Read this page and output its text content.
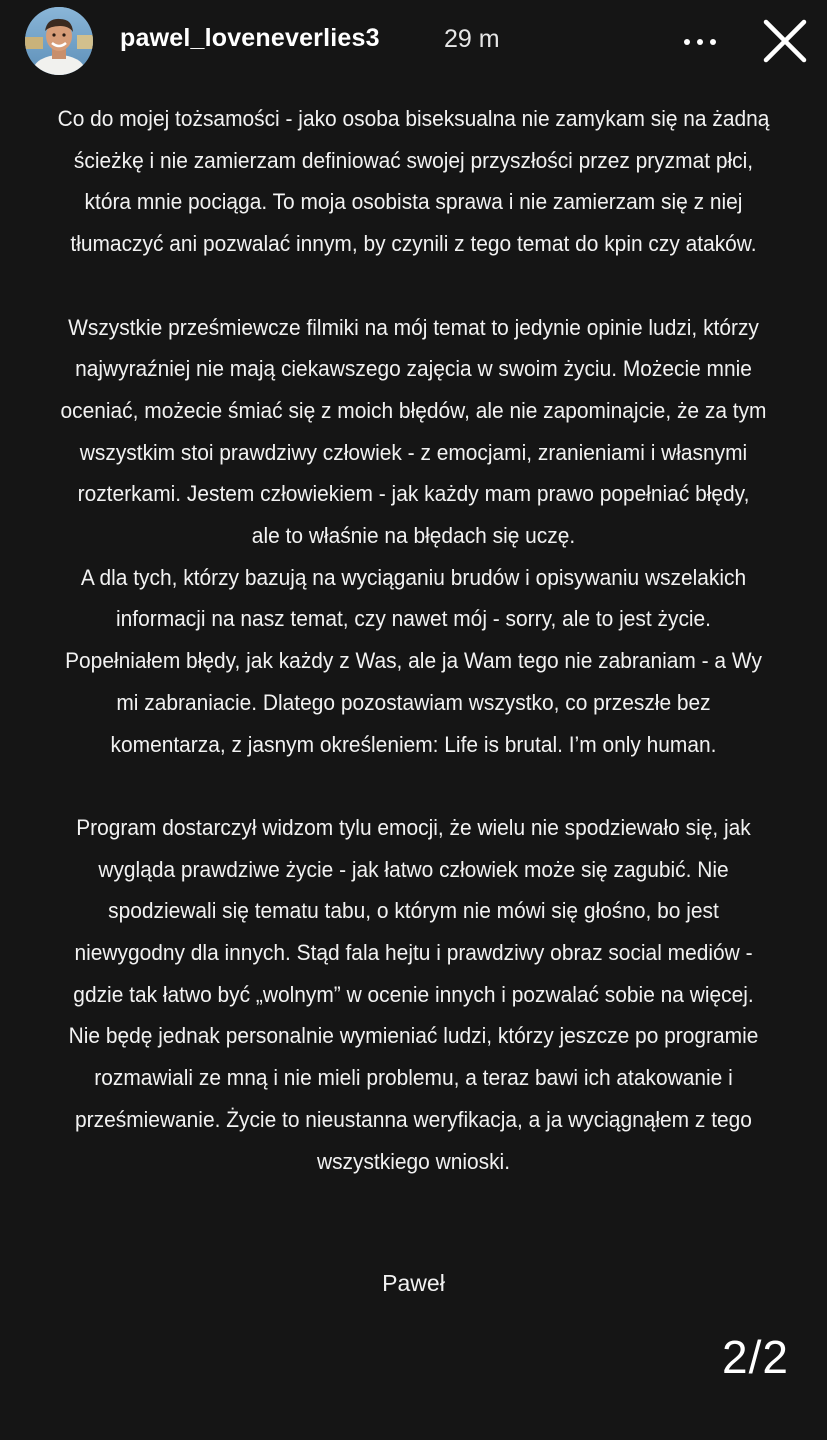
pawel_loveneverlies3	29 m

Co do mojej tożsamości - jako osoba biseksualna nie zamykam się na żadną
ścieżkę i nie zamierzam definiować swojej przyszłości przez pryzmat płci,
która mnie pociąga. To moja osobista sprawa i nie zamierzam się z niej
tłumaczyć ani pozwalać innym, by czynili z tego temat do kpin czy ataków.

Wszystkie prześmiewcze filmiki na mój temat to jedynie opinie ludzi, którzy
najwyraźniej nie mają ciekawszego zajęcia w swoim życiu. Możecie mnie
oceniać, możecie śmiać się z moich błędów, ale nie zapominajcie, że za tym
wszystkim stoi prawdziwy człowiek - z emocjami, zranieniami i własnymi
rozterkami. Jestem człowiekiem - jak każdy mam prawo popełniać błędy,
ale to właśnie na błędach się uczę.
A dla tych, którzy bazują na wyciąganiu brudów i opisywaniu wszelakich
informacji na nasz temat, czy nawet mój - sorry, ale to jest życie.
Popełniałem błędy, jak każdy z Was, ale ja Wam tego nie zabraniam - a Wy
mi zabraniacie. Dlatego pozostawiam wszystko, co przeszłe bez
komentarza, z jasnym określeniem: Life is brutal. I’m only human.

Program dostarczył widzom tylu emocji, że wielu nie spodziewało się, jak
wygląda prawdziwe życie - jak łatwo człowiek może się zagubić. Nie
spodziewali się tematu tabu, o którym nie mówi się głośno, bo jest
niewygodny dla innych. Stąd fala hejtu i prawdziwy obraz social mediów -
gdzie tak łatwo być „wolnym” w ocenie innych i pozwalać sobie na więcej.
Nie będę jednak personalnie wymieniać ludzi, którzy jeszcze po programie
rozmawiali ze mną i nie mieli problemu, a teraz bawi ich atakowanie i
prześmiewanie. Życie to nieustanna weryfikacja, a ja wyciągnąłem z tego
wszystkiego wnioski.

Paweł
2/2
